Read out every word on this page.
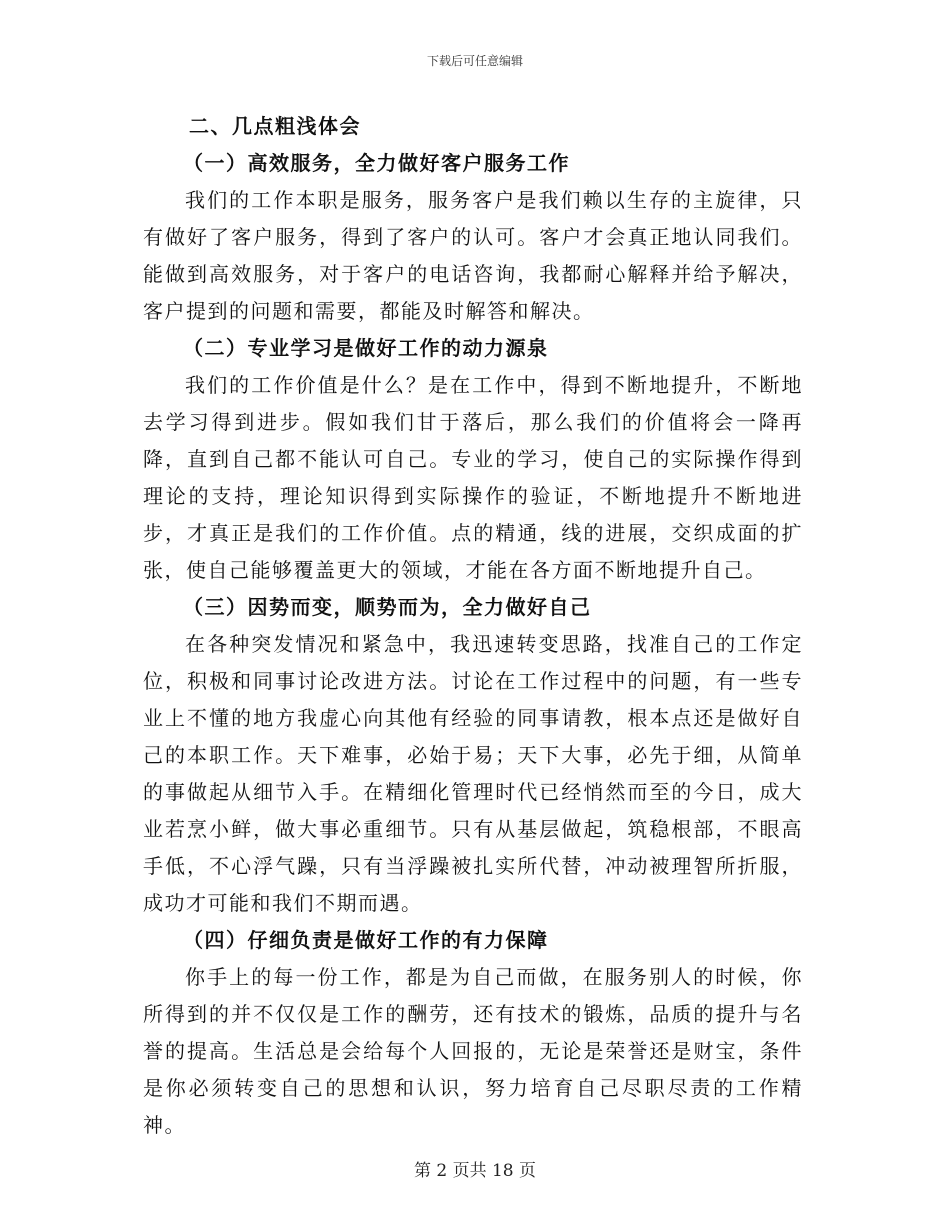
下载后可任意编辑
二、几点粗浅体会
（一）高效服务，全力做好客户服务工作

我们的工作本职是服务，服务客户是我们赖以生存的主旋律，只有做好了客户服务，得到了客户的认可。客户才会真正地认同我们。能做到高效服务，对于客户的电话咨询，我都耐心解释并给予解决，客户提到的问题和需要，都能及时解答和解决。

（二）专业学习是做好工作的动力源泉

我们的工作价值是什么？是在工作中，得到不断地提升，不断地去学习得到进步。假如我们甘于落后，那么我们的价值将会一降再降，直到自己都不能认可自己。专业的学习，使自己的实际操作得到理论的支持，理论知识得到实际操作的验证，不断地提升不断地进步，才真正是我们的工作价值。点的精通，线的进展，交织成面的扩张，使自己能够覆盖更大的领域，才能在各方面不断地提升自己。

（三）因势而变，顺势而为，全力做好自己

在各种突发情况和紧急中，我迅速转变思路，找准自己的工作定位，积极和同事讨论改进方法。讨论在工作过程中的问题，有一些专业上不懂的地方我虚心向其他有经验的同事请教，根本点还是做好自己的本职工作。天下难事，必始于易；天下大事，必先于细，从简单的事做起从细节入手。在精细化管理时代已经悄然而至的今日，成大业若烹小鲜，做大事必重细节。只有从基层做起，筑稳根部，不眼高手低，不心浮气躁，只有当浮躁被扎实所代替，冲动被理智所折服，成功才可能和我们不期而遇。

（四）仔细负责是做好工作的有力保障

你手上的每一份工作，都是为自己而做，在服务别人的时候，你所得到的并不仅仅是工作的酬劳，还有技术的锻炼，品质的提升与名誉的提高。生活总是会给每个人回报的，无论是荣誉还是财宝，条件是你必须转变自己的思想和认识，努力培育自己尽职尽责的工作精神。

第 2 页共 18 页
